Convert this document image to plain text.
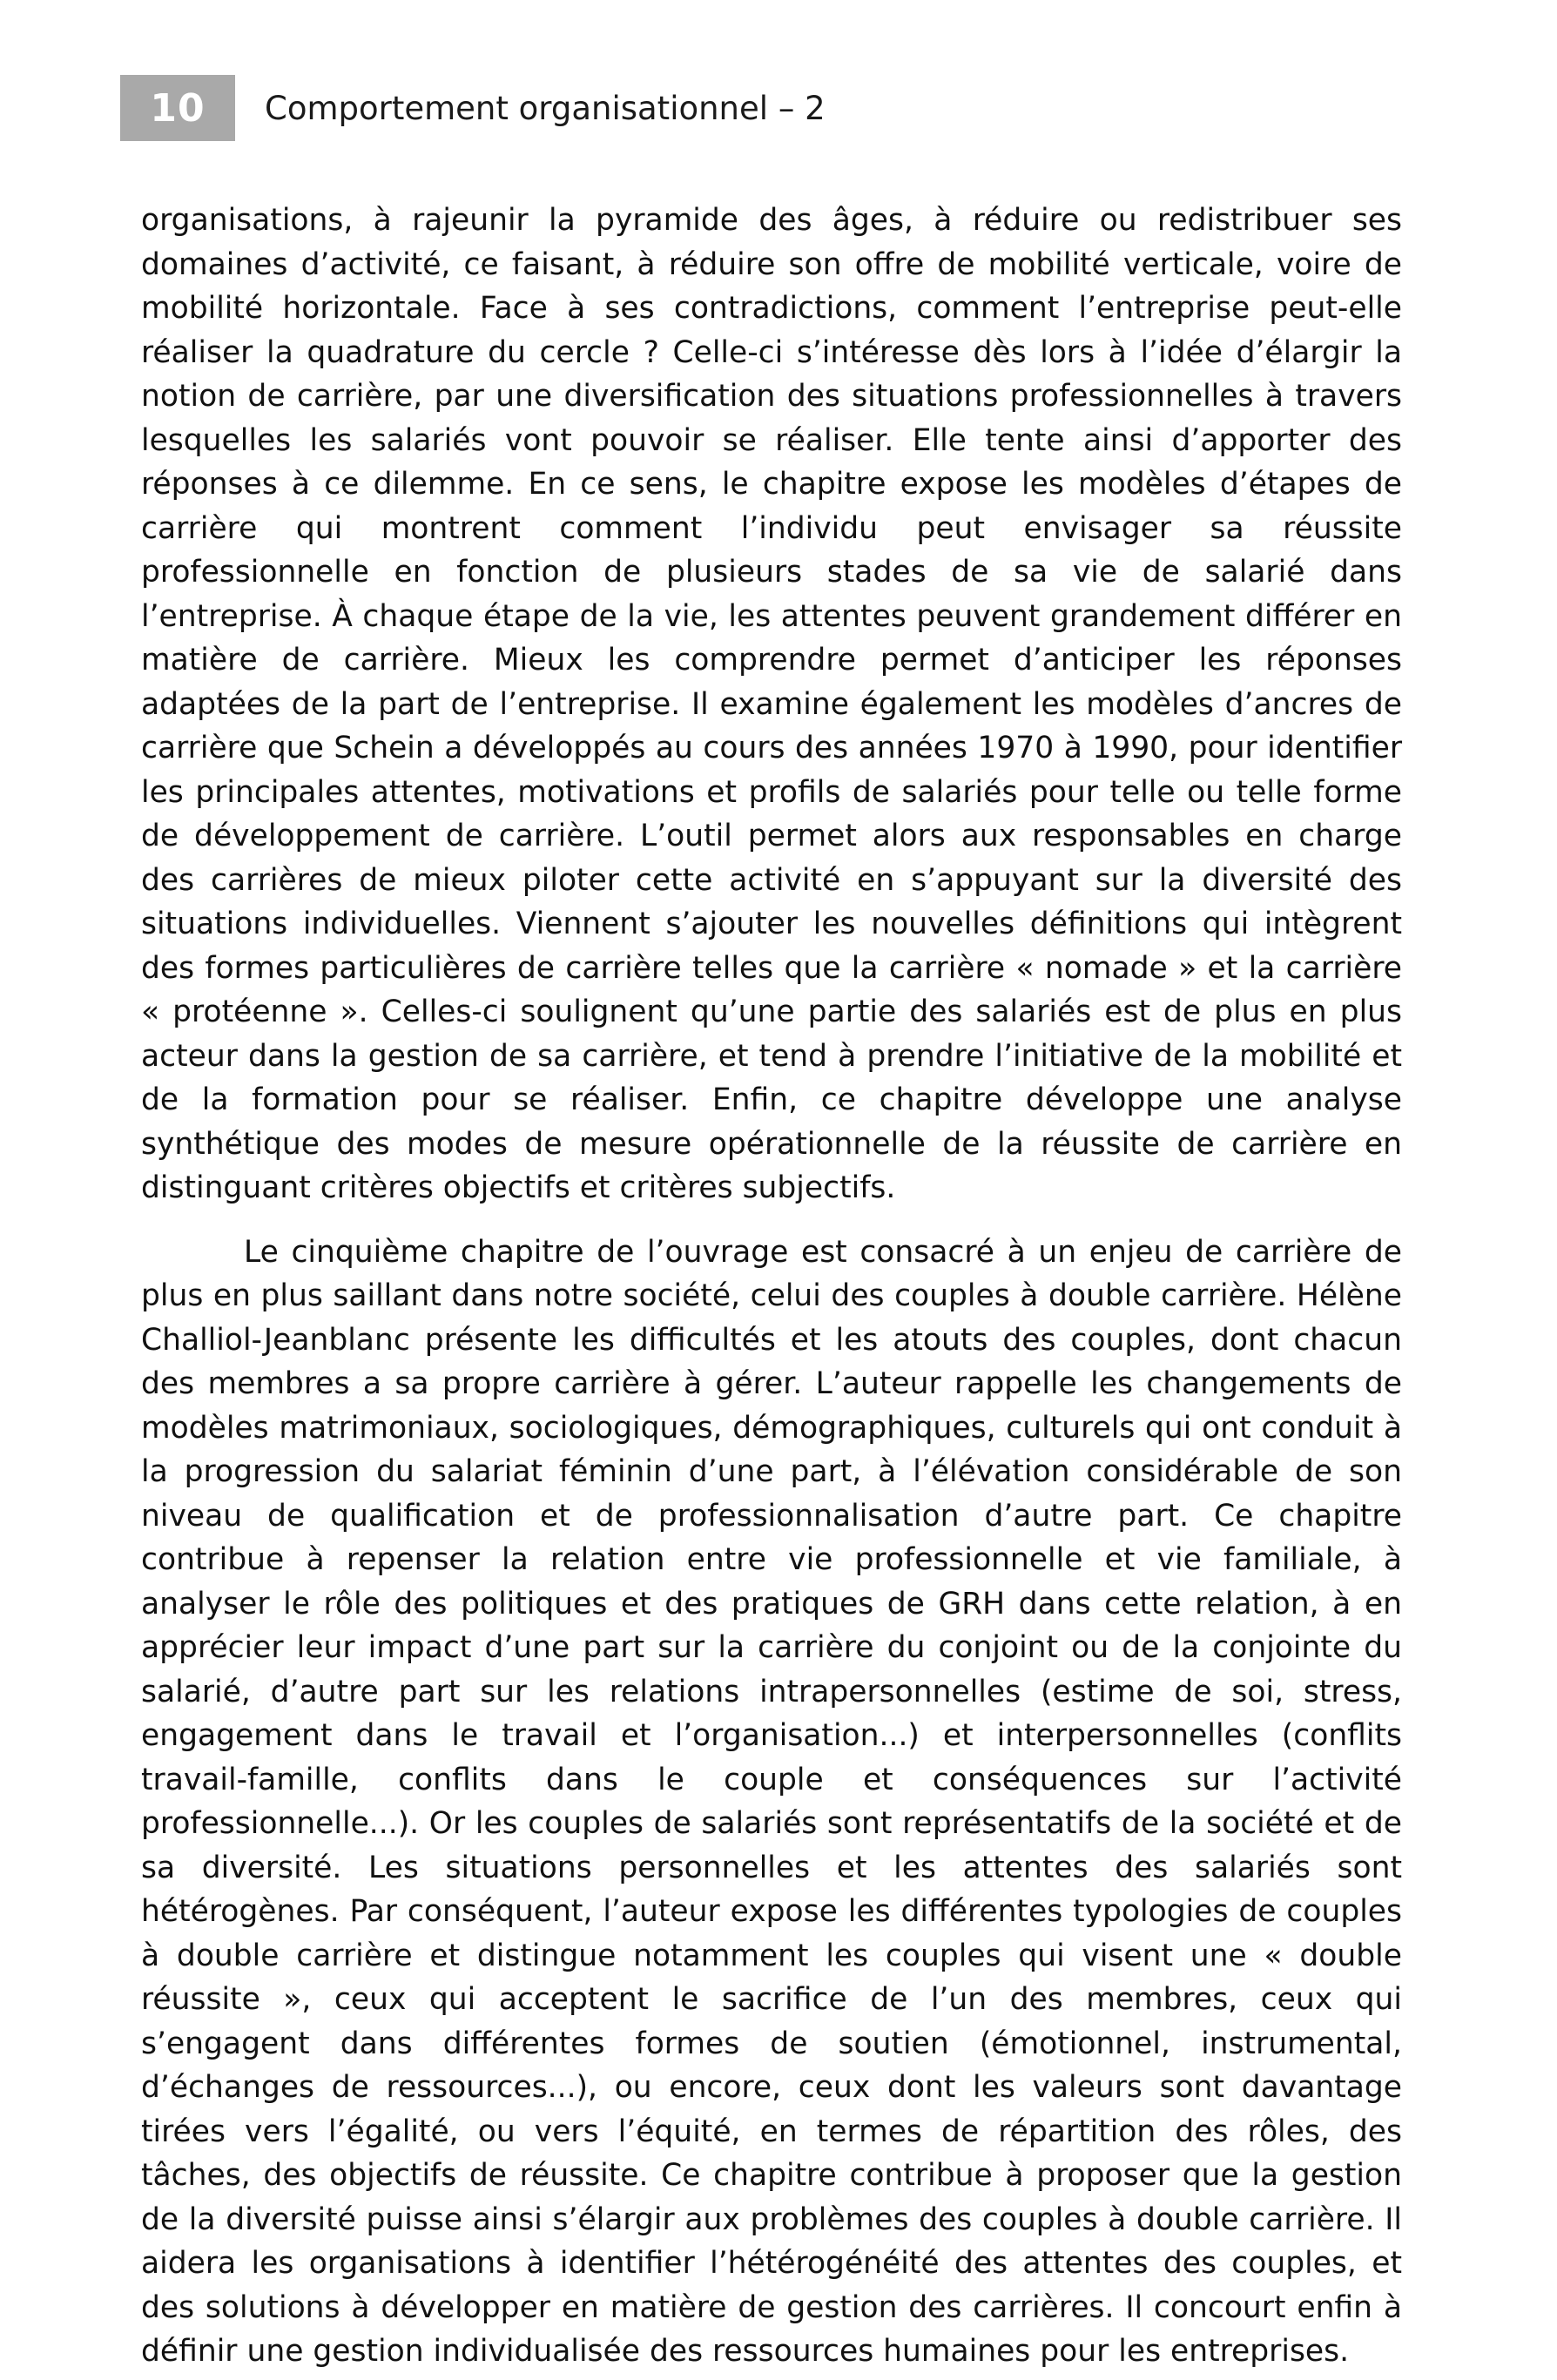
10	Comportement organisationnel – 2

organisations, à rajeunir la pyramide des âges, à réduire ou redistribuer ses domaines d’activité, ce faisant, à réduire son offre de mobilité verticale, voire de mobilité horizontale. Face à ses contradictions, comment l’entreprise peut-elle réaliser la quadrature du cercle ? Celle-ci s’intéresse dès lors à l’idée d’élargir la notion de carrière, par une diversification des situations professionnelles à travers lesquelles les salariés vont pouvoir se réaliser. Elle tente ainsi d’apporter des réponses à ce dilemme. En ce sens, le chapitre expose les modèles d’étapes de carrière qui montrent comment l’individu peut envisager sa réussite professionnelle en fonction de plusieurs stades de sa vie de salarié dans l’entreprise. À chaque étape de la vie, les attentes peuvent grandement différer en matière de carrière. Mieux les comprendre permet d’anticiper les réponses adaptées de la part de l’entreprise. Il examine également les modèles d’ancres de carrière que Schein a développés au cours des années 1970 à 1990, pour identifier les principales attentes, motivations et profils de salariés pour telle ou telle forme de développement de carrière. L’outil permet alors aux responsables en charge des carrières de mieux piloter cette activité en s’appuyant sur la diversité des situations individuelles. Viennent s’ajouter les nouvelles définitions qui intègrent des formes particulières de carrière telles que la carrière « nomade » et la carrière « protéenne ». Celles-ci soulignent qu’une partie des salariés est de plus en plus acteur dans la gestion de sa carrière, et tend à prendre l’initiative de la mobilité et de la formation pour se réaliser. Enfin, ce chapitre développe une analyse synthétique des modes de mesure opérationnelle de la réussite de carrière en distinguant critères objectifs et critères subjectifs.

Le cinquième chapitre de l’ouvrage est consacré à un enjeu de carrière de plus en plus saillant dans notre société, celui des couples à double carrière. Hélène Challiol-Jeanblanc présente les difficultés et les atouts des couples, dont chacun des membres a sa propre carrière à gérer. L’auteur rappelle les changements de modèles matrimoniaux, sociologiques, démographiques, culturels qui ont conduit à la progression du salariat féminin d’une part, à l’élévation considérable de son niveau de qualification et de professionnalisation d’autre part. Ce chapitre contribue à repenser la relation entre vie professionnelle et vie familiale, à analyser le rôle des politiques et des pratiques de GRH dans cette relation, à en apprécier leur impact d’une part sur la carrière du conjoint ou de la conjointe du salarié, d’autre part sur les relations intrapersonnelles (estime de soi, stress, engagement dans le travail et l’organisation...) et interpersonnelles (conflits travail-famille, conflits dans le couple et conséquences sur l’activité professionnelle...). Or les couples de salariés sont représentatifs de la société et de sa diversité. Les situations personnelles et les attentes des salariés sont hétérogènes. Par conséquent, l’auteur expose les différentes typologies de couples à double carrière et distingue notamment les couples qui visent une « double réussite », ceux qui acceptent le sacrifice de l’un des membres, ceux qui s’engagent dans différentes formes de soutien (émotionnel, instrumental, d’échanges de ressources...), ou encore, ceux dont les valeurs sont davantage tirées vers l’égalité, ou vers l’équité, en termes de répartition des rôles, des tâches, des objectifs de réussite. Ce chapitre contribue à proposer que la gestion de la diversité puisse ainsi s’élargir aux problèmes des couples à double carrière. Il aidera les organisations à identifier l’hétérogénéité des attentes des couples, et des solutions à développer en matière de gestion des carrières. Il concourt enfin à définir une gestion individualisée des ressources humaines pour les entreprises.
